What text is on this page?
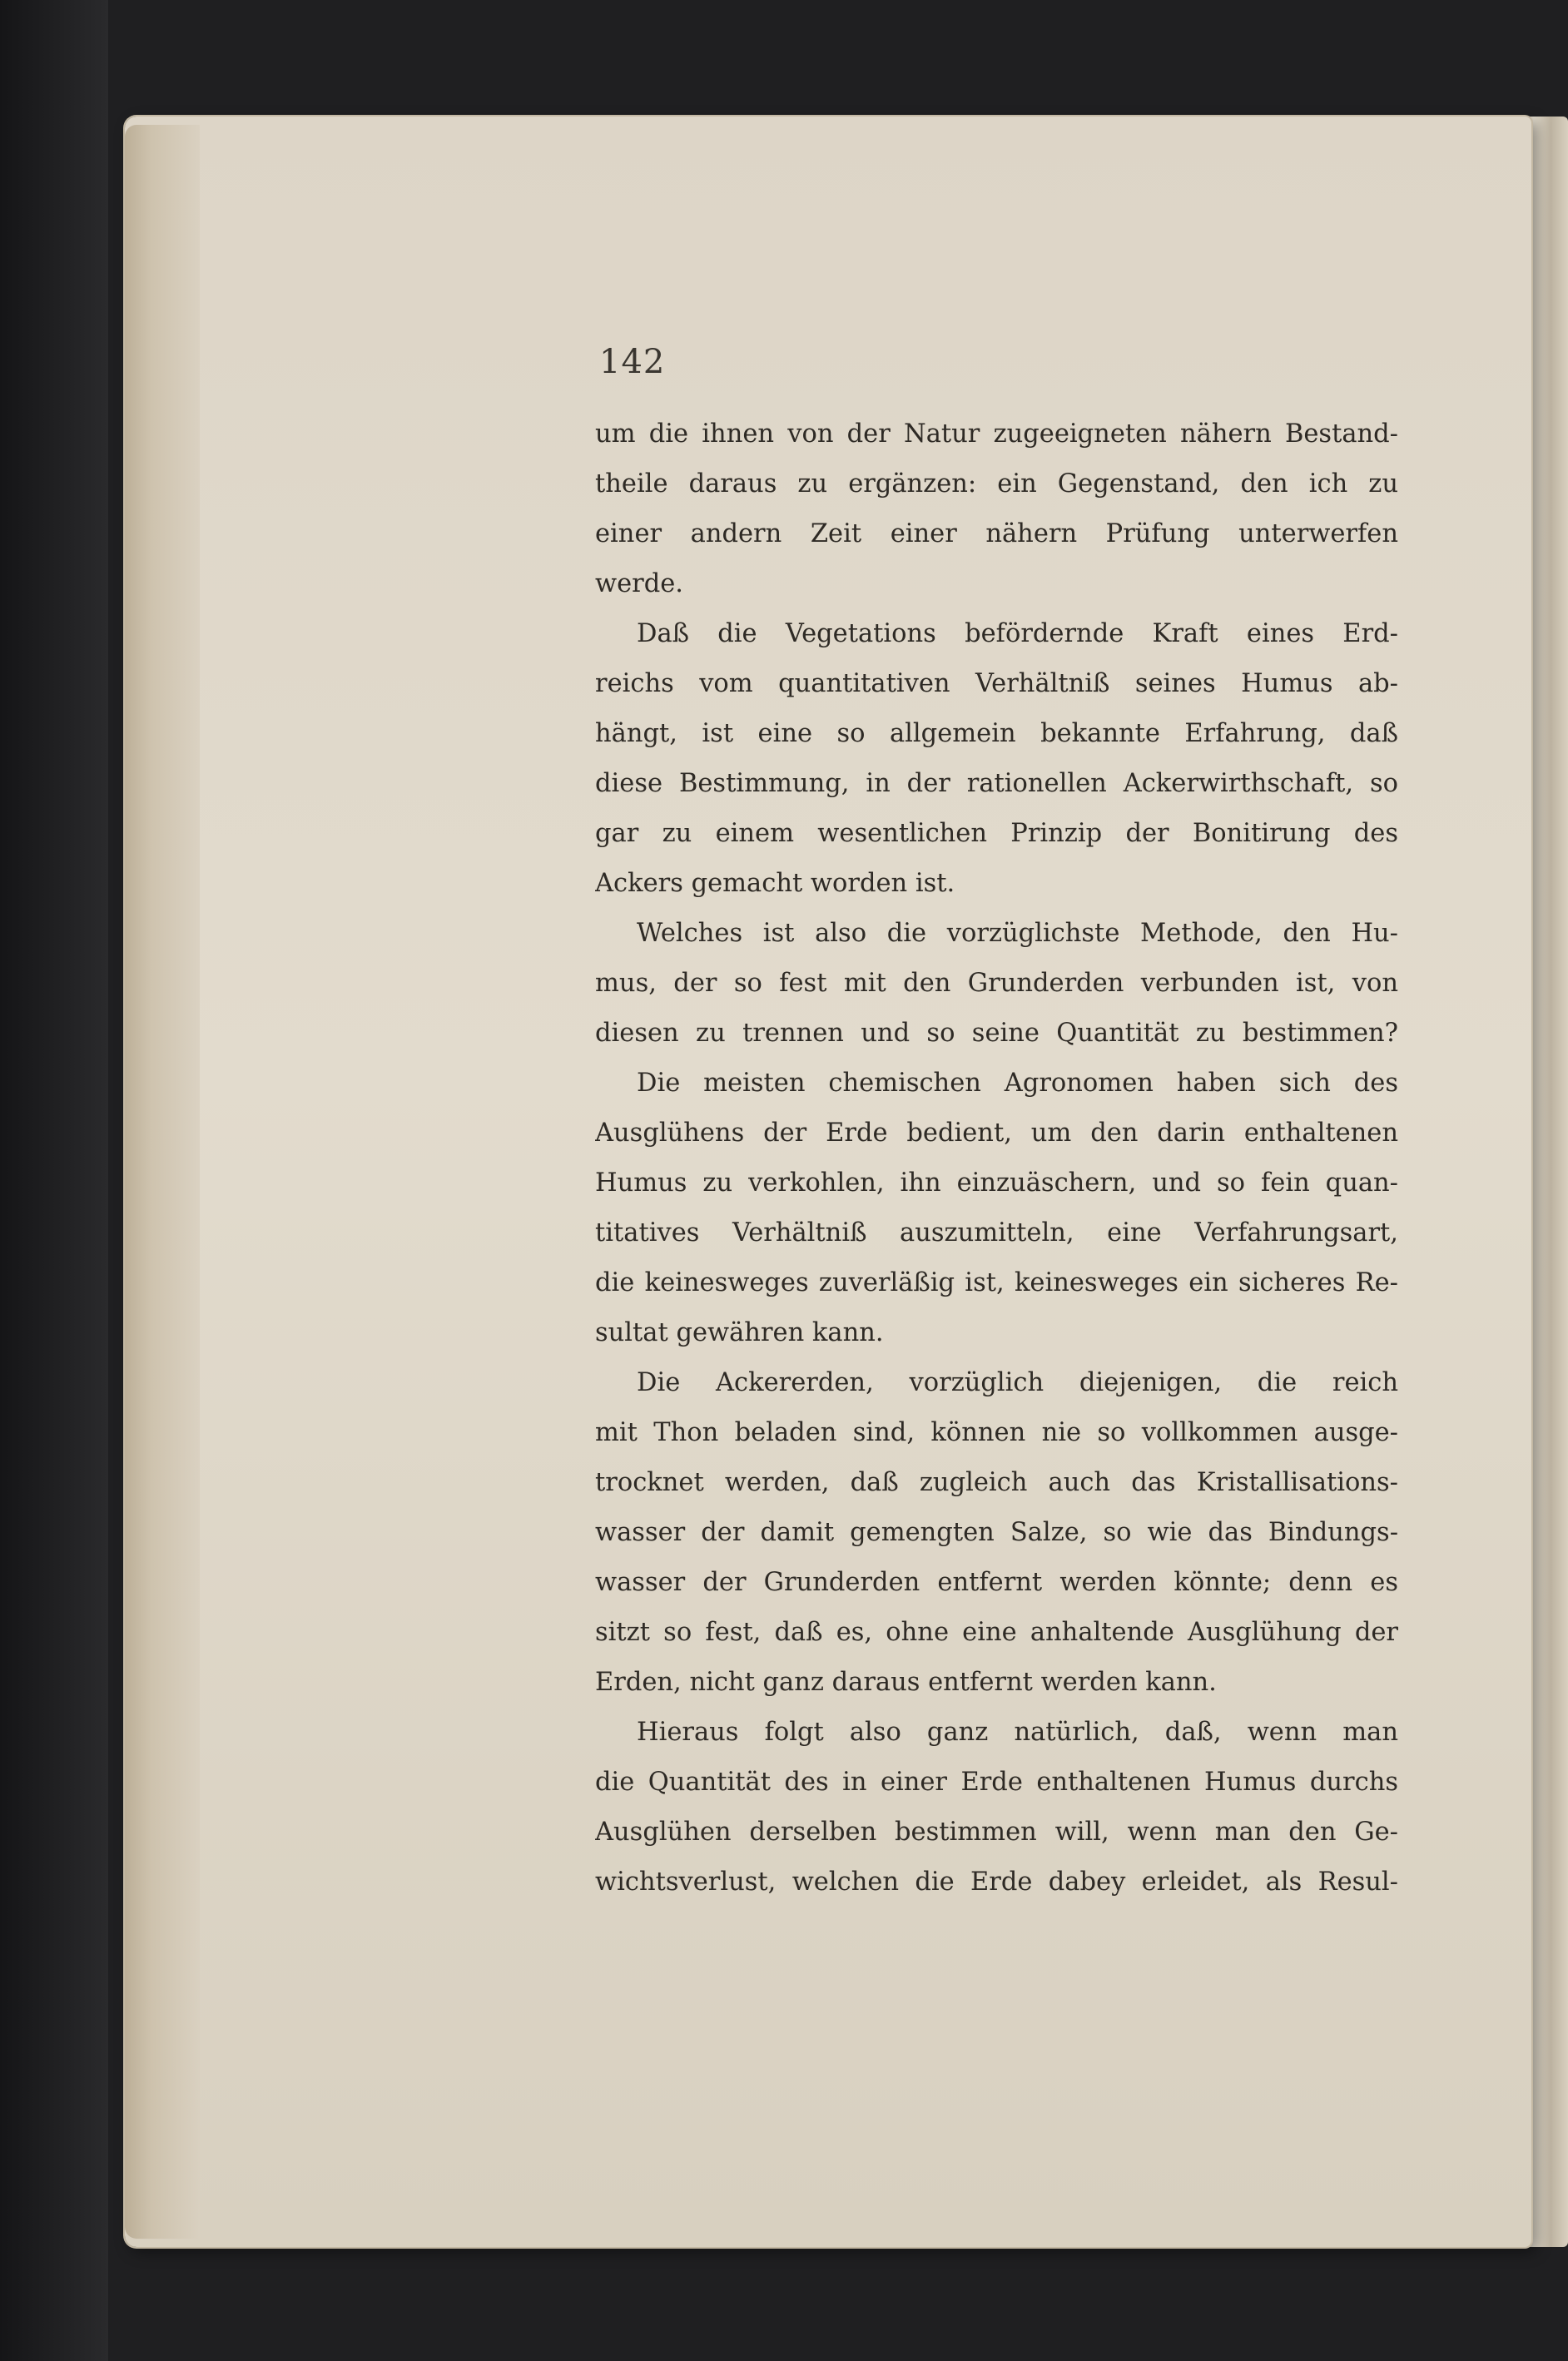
142
um die ihnen von der Natur zugeeigneten nähern Bestand-
theile daraus zu ergänzen: ein Gegenstand, den ich zu
einer andern Zeit einer nähern Prüfung unterwerfen
werde.
Daß die Vegetations befördernde Kraft eines Erd-
reichs vom quantitativen Verhältniß seines Humus ab-
hängt, ist eine so allgemein bekannte Erfahrung, daß
diese Bestimmung, in der rationellen Ackerwirthschaft, so
gar zu einem wesentlichen Prinzip der Bonitirung des
Ackers gemacht worden ist.
Welches ist also die vorzüglichste Methode, den Hu-
mus, der so fest mit den Grunderden verbunden ist, von
diesen zu trennen und so seine Quantität zu bestimmen?
Die meisten chemischen Agronomen haben sich des
Ausglühens der Erde bedient, um den darin enthaltenen
Humus zu verkohlen, ihn einzuäschern, und so fein quan-
titatives Verhältniß auszumitteln, eine Verfahrungsart,
die keinesweges zuverläßig ist, keinesweges ein sicheres Re-
sultat gewähren kann.
Die Ackererden, vorzüglich diejenigen, die reich
mit Thon beladen sind, können nie so vollkommen ausge-
trocknet werden, daß zugleich auch das Kristallisations-
wasser der damit gemengten Salze, so wie das Bindungs-
wasser der Grunderden entfernt werden könnte; denn es
sitzt so fest, daß es, ohne eine anhaltende Ausglühung der
Erden, nicht ganz daraus entfernt werden kann.
Hieraus folgt also ganz natürlich, daß, wenn man
die Quantität des in einer Erde enthaltenen Humus durchs
Ausglühen derselben bestimmen will, wenn man den Ge-
wichtsverlust, welchen die Erde dabey erleidet, als Resul-
